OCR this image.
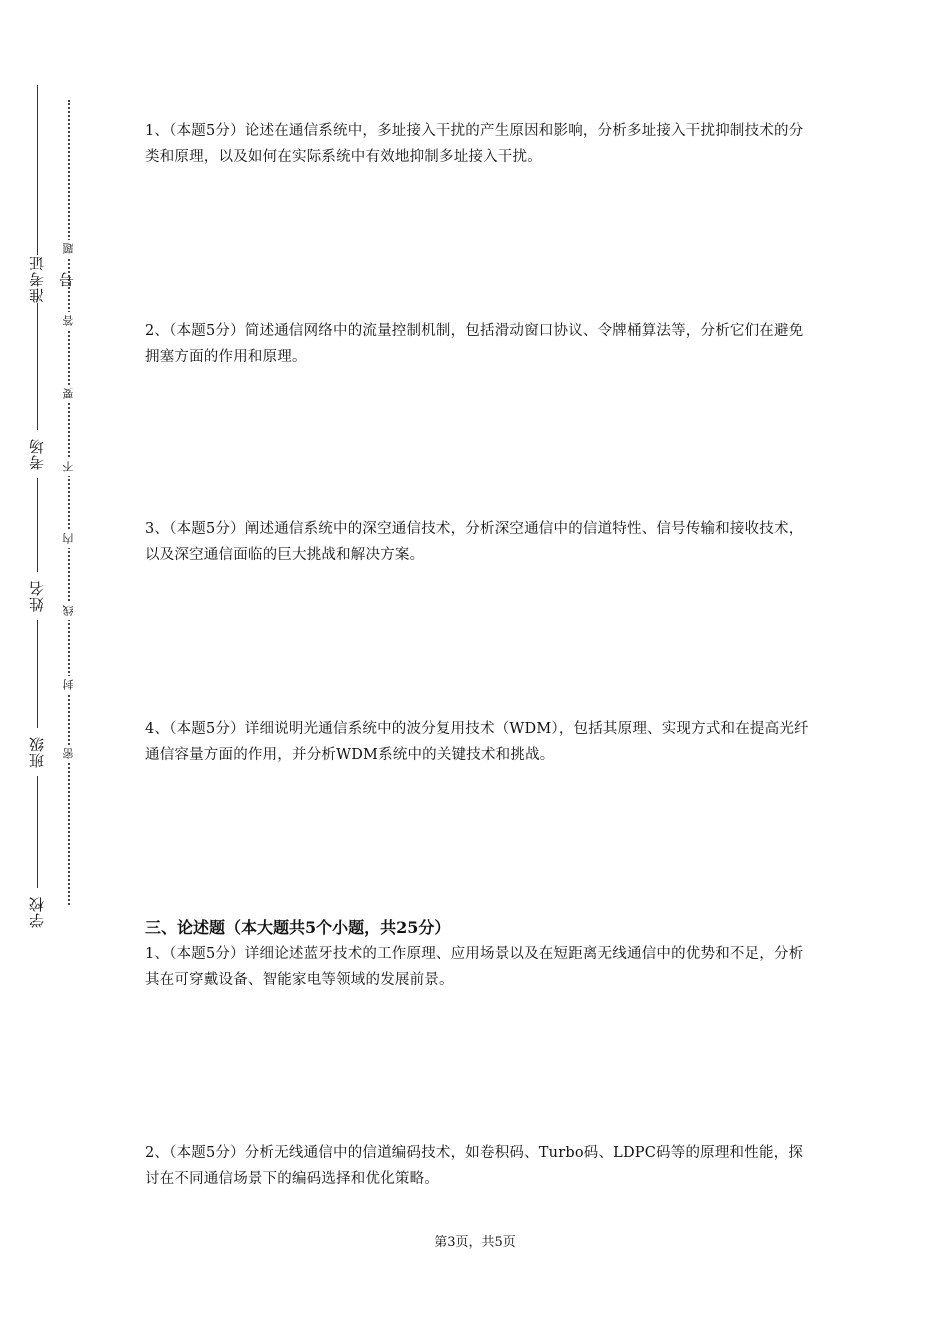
准考证号
考场
姓名
班级
学校
题
答
要
不
内
线
封
密

1、（本题5分）论述在通信系统中，多址接入干扰的产生原因和影响，分析多址接入干扰抑制技术的分类和原理，以及如何在实际系统中有效地抑制多址接入干扰。

2、（本题5分）简述通信网络中的流量控制机制，包括滑动窗口协议、令牌桶算法等，分析它们在避免拥塞方面的作用和原理。

3、（本题5分）阐述通信系统中的深空通信技术，分析深空通信中的信道特性、信号传输和接收技术，以及深空通信面临的巨大挑战和解决方案。

4、（本题5分）详细说明光通信系统中的波分复用技术（WDM），包括其原理、实现方式和在提高光纤通信容量方面的作用，并分析WDM系统中的关键技术和挑战。

三、论述题（本大题共5个小题，共25分）

1、（本题5分）详细论述蓝牙技术的工作原理、应用场景以及在短距离无线通信中的优势和不足，分析其在可穿戴设备、智能家电等领域的发展前景。

2、（本题5分）分析无线通信中的信道编码技术，如卷积码、Turbo码、LDPC码等的原理和性能，探讨在不同通信场景下的编码选择和优化策略。

第3页，共5页
